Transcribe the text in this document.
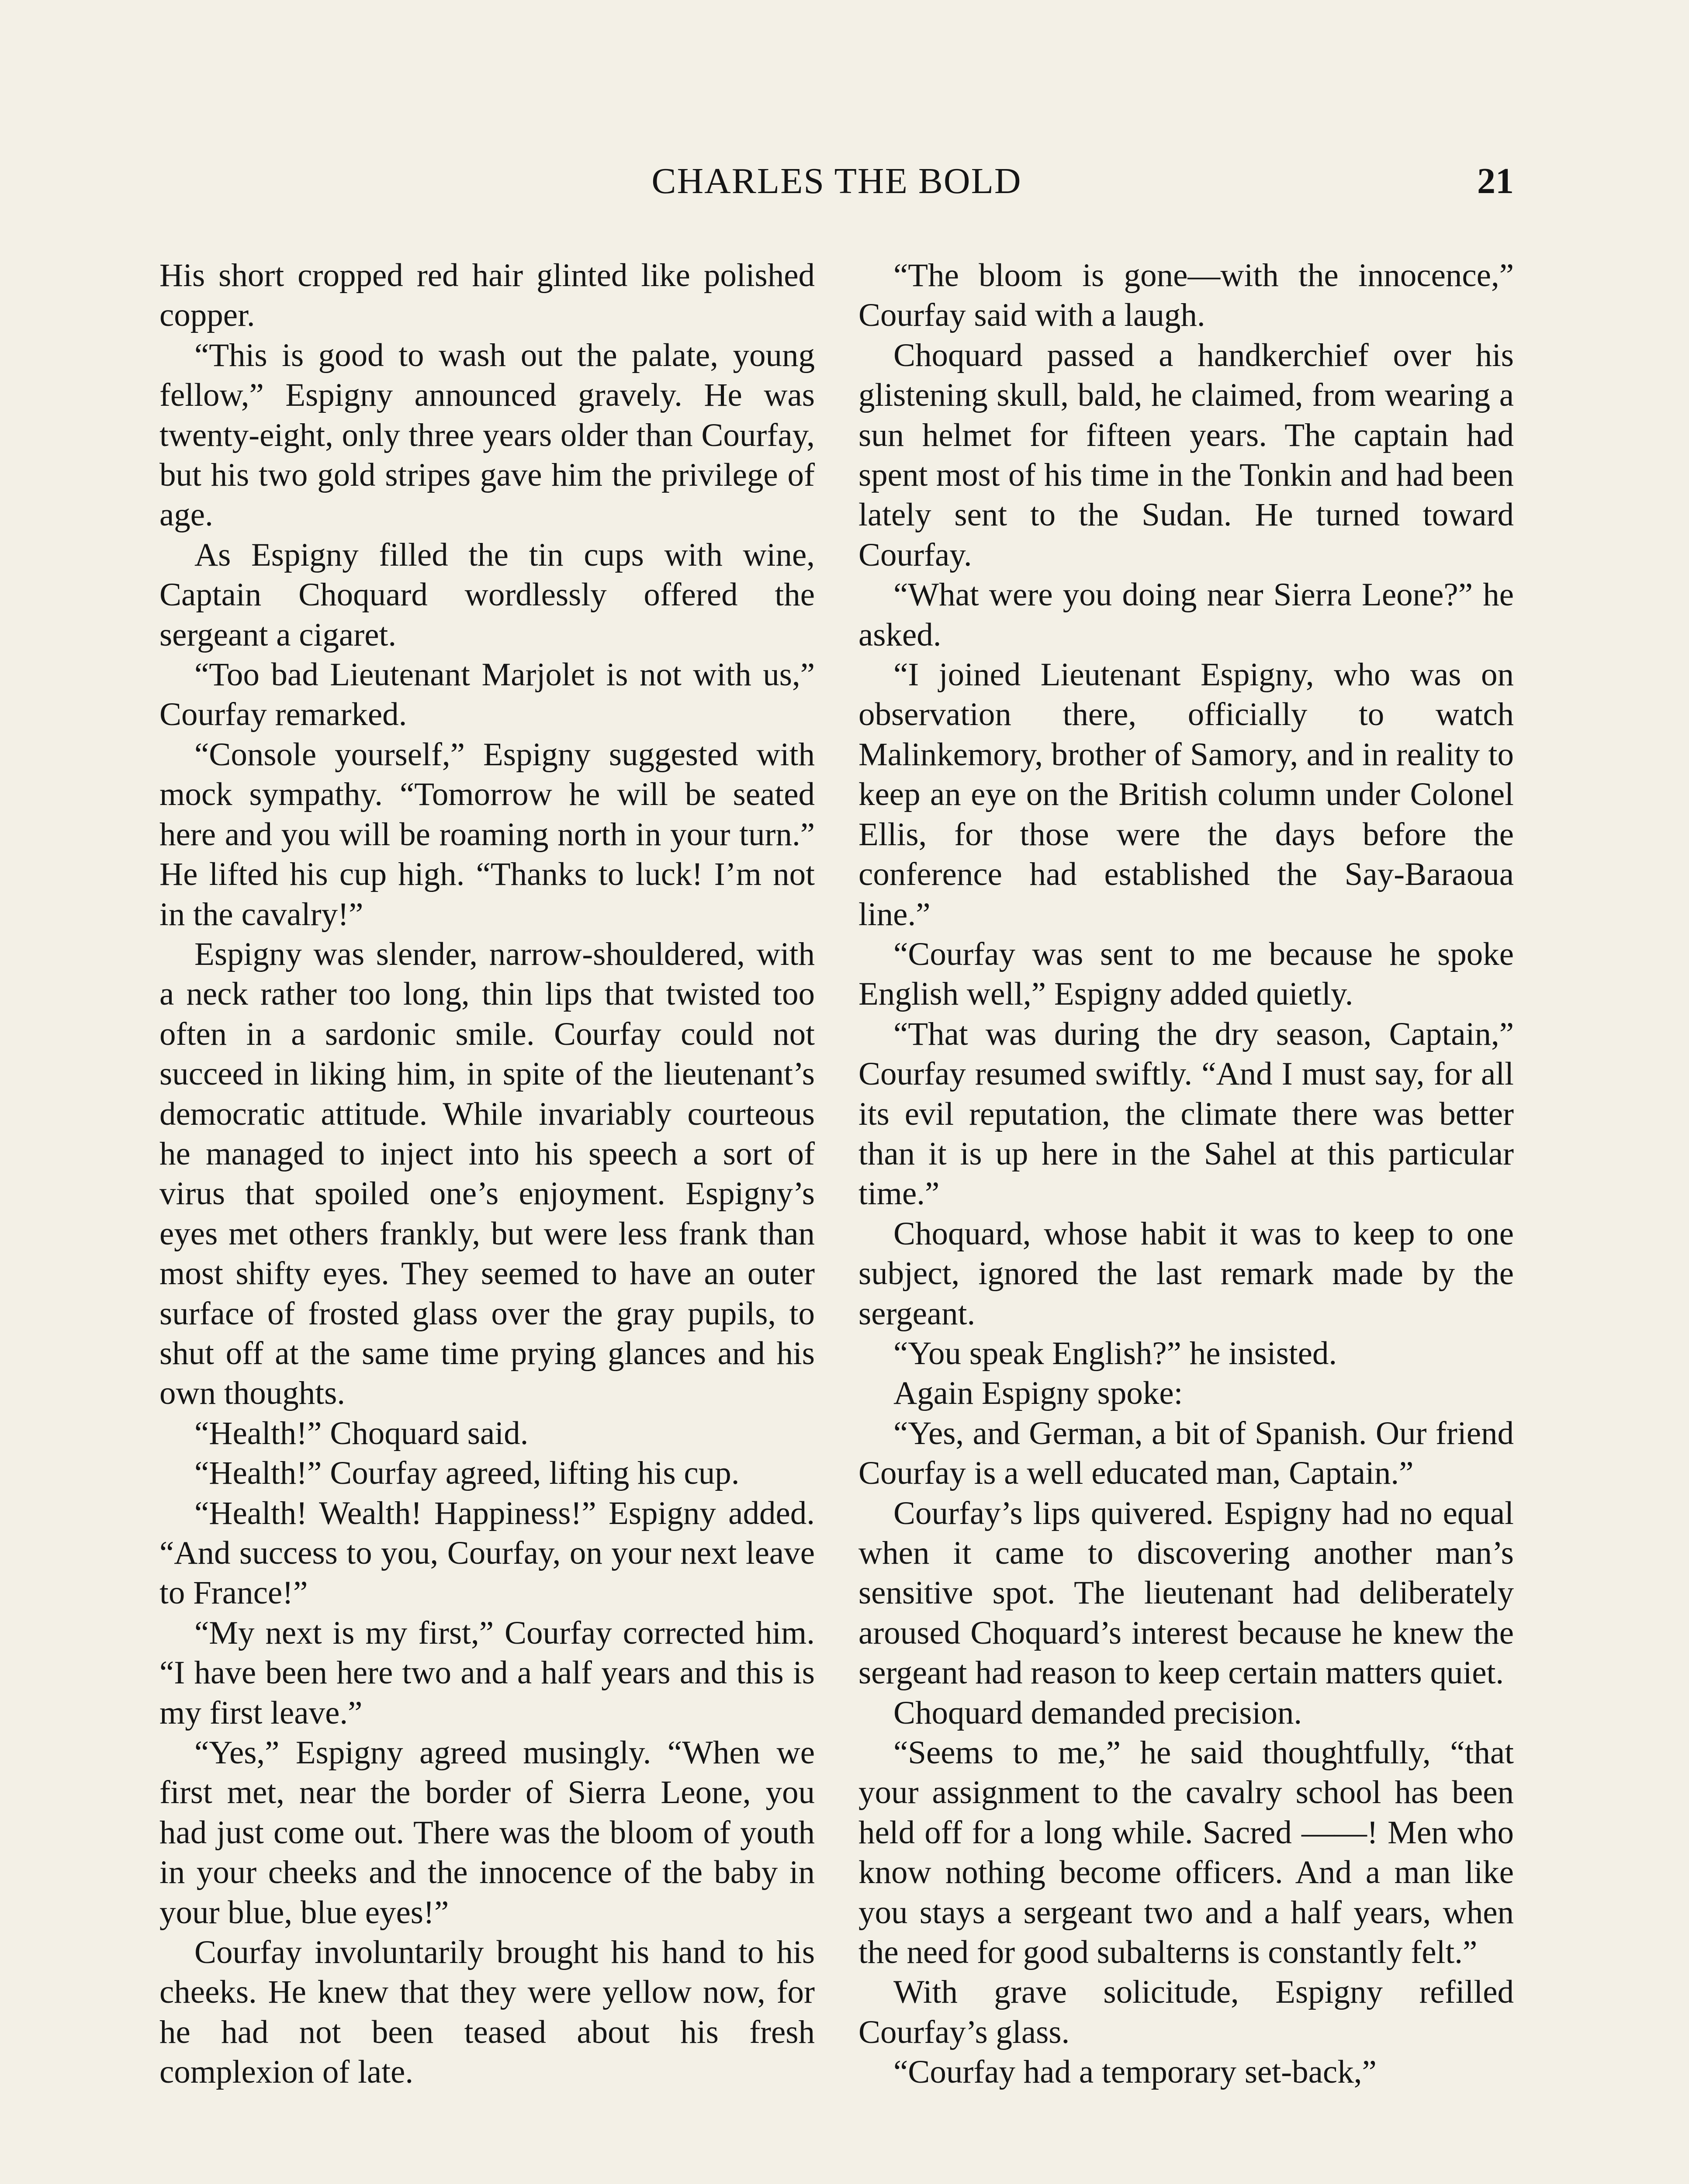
CHARLES THE BOLD	21

His short cropped red hair glinted like polished copper.

“This is good to wash out the palate, young fellow,” Espigny announced gravely. He was twenty-eight, only three years older than Courfay, but his two gold stripes gave him the privilege of age.

As Espigny filled the tin cups with wine, Captain Choquard wordlessly offered the sergeant a cigaret.

“Too bad Lieutenant Marjolet is not with us,” Courfay remarked.

“Console yourself,” Espigny suggested with mock sympathy. “Tomorrow he will be seated here and you will be roaming north in your turn.” He lifted his cup high. “Thanks to luck! I’m not in the cavalry!”

Espigny was slender, narrow-shouldered, with a neck rather too long, thin lips that twisted too often in a sardonic smile. Courfay could not succeed in liking him, in spite of the lieutenant’s democratic attitude. While invariably courteous he managed to inject into his speech a sort of virus that spoiled one’s enjoyment. Espigny’s eyes met others frankly, but were less frank than most shifty eyes. They seemed to have an outer surface of frosted glass over the gray pupils, to shut off at the same time prying glances and his own thoughts.

“Health!” Choquard said.

“Health!” Courfay agreed, lifting his cup.

“Health! Wealth! Happiness!” Espigny added. “And success to you, Courfay, on your next leave to France!”

“My next is my first,” Courfay corrected him. “I have been here two and a half years and this is my first leave.”

“Yes,” Espigny agreed musingly. “When we first met, near the border of Sierra Leone, you had just come out. There was the bloom of youth in your cheeks and the innocence of the baby in your blue, blue eyes!”

Courfay involuntarily brought his hand to his cheeks. He knew that they were yellow now, for he had not been teased about his fresh complexion of late.

“The bloom is gone—with the innocence,” Courfay said with a laugh.

Choquard passed a handkerchief over his glistening skull, bald, he claimed, from wearing a sun helmet for fifteen years. The captain had spent most of his time in the Tonkin and had been lately sent to the Sudan. He turned toward Courfay.

“What were you doing near Sierra Leone?” he asked.

“I joined Lieutenant Espigny, who was on observation there, officially to watch Malinkemory, brother of Samory, and in reality to keep an eye on the British column under Colonel Ellis, for those were the days before the conference had established the Say-Baraoua line.”

“Courfay was sent to me because he spoke English well,” Espigny added quietly.

“That was during the dry season, Captain,” Courfay resumed swiftly. “And I must say, for all its evil reputation, the climate there was better than it is up here in the Sahel at this particular time.”

Choquard, whose habit it was to keep to one subject, ignored the last remark made by the sergeant.

“You speak English?” he insisted.

Again Espigny spoke:

“Yes, and German, a bit of Spanish. Our friend Courfay is a well educated man, Captain.”

Courfay’s lips quivered. Espigny had no equal when it came to discovering another man’s sensitive spot. The lieutenant had deliberately aroused Choquard’s interest because he knew the sergeant had reason to keep certain matters quiet.

Choquard demanded precision.

“Seems to me,” he said thoughtfully, “that your assignment to the cavalry school has been held off for a long while. Sacred ——! Men who know nothing become officers. And a man like you stays a sergeant two and a half years, when the need for good subalterns is constantly felt.”

With grave solicitude, Espigny refilled Courfay’s glass.

“Courfay had a temporary set-back,”
